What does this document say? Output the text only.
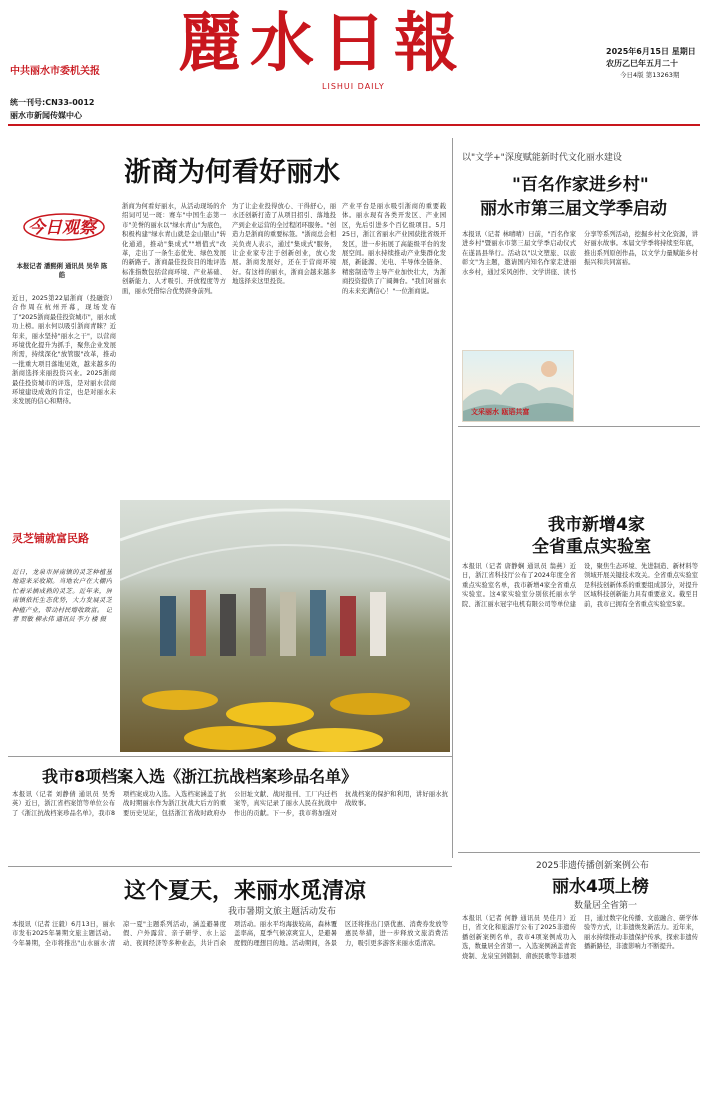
中共丽水市委机关报 麗水日報
LISHUI DAILY
统一刊号:CN33-0012
丽水市新闻传媒中心
2025年6月15日 星期日
农历乙巳年五月二十
今日4版 第13263期
浙商为何看好丽水
今日观察
本报记者 潘熙俐 通讯员 吴华 陈皓
近日，2025第22届浙商（投融资）合作周在杭州开幕，现场发布了"2025浙商最佳投资城市"，丽水成功上榜。丽水何以吸引浙商青睐？近年来，丽水坚持"丽水之干"，以营商环境优化提升为抓手，聚焦企业发展所需，持续深化"放管服"改革，推动一批重大项目落地见效，越来越多的浙商选择来丽投资兴业。2025浙商最佳投资城市的评选，是对丽水营商环境建设成效的肯定，也是对丽水未来发展的信心和期待。
浙商为何看好丽水，从活动现场的介绍词可见一斑：赛车"中国生态第一市"美誉的丽水以"绿水青山"为底色，积极构建"绿水青山就是金山银山"转化通道，推动"集成式""增值式"改革，走出了一条生态优先、绿色发展的新路子。浙商最佳投资目的地评选标准指数包括营商环境、产业基础、创新能力、人才吸引、开放程度等方面，丽水凭借综合优势跻身前列。
为了让企业投得放心、干得舒心，丽水还创新打造了从项目招引、落地投产到企业运营的全过程闭环服务。"创造力是浙商的重要标签。"浙商总会相关负责人表示，通过"集成式"服务，让企业家专注于创新创业，放心发展。浙商发展好，还在于营商环境好。有这样的丽水，浙商会越来越多地选择来这里投资。
产业平台是丽水吸引浙商的重要载体。丽水现有各类开发区、产业园区，先后引进多个百亿级项目。5月25日，浙江省丽水产业园获批省级开发区，进一步拓展了高能级平台的发展空间。丽水持续推动产业集群化发展，新能源、光电、半导体全链条、精密制造等主导产业加快壮大，为浙商投资提供了广阔舞台。"我们对丽水的未来充满信心！"一位浙商说。
以"文学+"深度赋能新时代文化丽水建设
"百名作家进乡村"
丽水市第三届文学季启动
本报讯（记者 林晴晴）日前，"百名作家进乡村"暨丽水市第三届文学季启动仪式在遂昌县举行。活动以"以文塑旅、以旅彰文"为主题，邀请国内知名作家走进丽水乡村，通过采风创作、文学讲座、读书分享等系列活动，挖掘乡村文化资源，讲好丽水故事。本届文学季将持续至年底，推出系列原创作品，以文学力量赋能乡村振兴和共同富裕。
文采丽水 瓯语共富
灵芝铺就富民路
近日，龙泉市屏南镇的灵芝种植基地迎来采收期。当地农户在大棚内忙着采摘成熟的灵芝。近年来，屏南镇依托生态优势，大力发展灵芝种植产业，带动村民增收致富。 记者 贾敏 柳永伟 通讯员 李力 楼 摄
我市新增4家
全省重点实验室
本报讯（记者 唐静娴 通讯员 翁燕）近日，浙江省科技厅公布了2024年度全省重点实验室名单，我市新增4家全省重点实验室。这4家实验室分别依托丽水学院、浙江丽水冠宇电机有限公司等单位建设，聚焦生态环境、先进制造、新材料等领域开展关键技术攻关。全省重点实验室是科技创新体系的重要组成部分，对提升区域科技创新能力具有重要意义。截至目前，我市已拥有全省重点实验室5家。
我市8项档案入选《浙江抗战档案珍品名单》
本报讯（记者 刘静倩 通讯员 吴秀英）近日，浙江省档案馆等单位公布了《浙江抗战档案珍品名单》，我市8项档案成功入选。入选档案涵盖了抗战时期丽水作为浙江抗战大后方的重要历史见证，包括浙江省战时政府办公旧址文献、战时报刊、工厂内迁档案等，真实记录了丽水人民在抗战中作出的贡献。下一步，我市将加强对抗战档案的保护和利用，讲好丽水抗战故事。
2025非遗传播创新案例公布
丽水4项上榜
数量居全省第一
本报讯（记者 何静 通讯员 吴佳月）近日，省文化和旅游厅公布了2025非遗传播创新案例名单，我市4项案例成功入选，数量居全省第一。入选案例涵盖青瓷烧制、龙泉宝剑锻制、畲族民歌等非遗项目，通过数字化传播、文旅融合、研学体验等方式，让非遗焕发新活力。近年来，丽水持续推动非遗保护传承，探索非遗传播新路径，非遗影响力不断提升。
这个夏天，来丽水觅清凉
我市暑期文旅主题活动发布
本报讯（记者 汪毅）6月13日，丽水市发布2025年暑期文旅主题活动。今年暑期，全市将推出"山水丽水·清凉一夏"主题系列活动，涵盖避暑度假、户外露营、亲子研学、水上运动、夜间经济等多种业态，共计百余项活动。丽水平均海拔较高，森林覆盖率高，夏季气候凉爽宜人，是避暑度假的理想目的地。活动期间，各景区还将推出门票优惠、消费券发放等惠民举措，进一步释放文旅消费活力，吸引更多游客来丽水觅清凉。
